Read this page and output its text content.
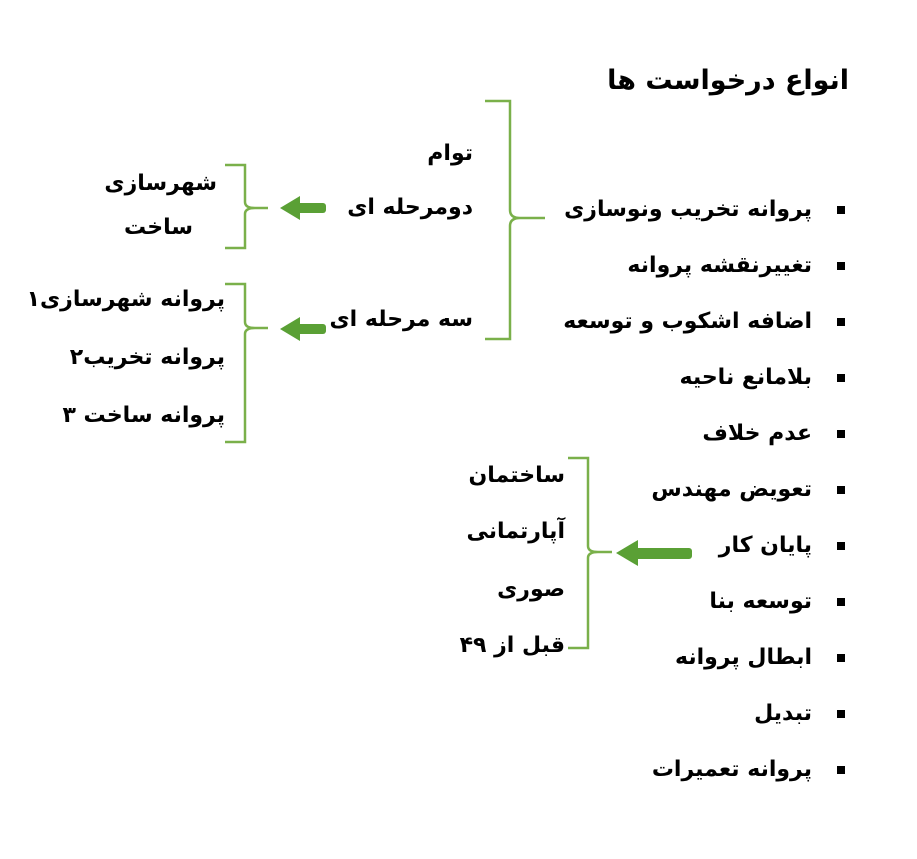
انواع درخواست ها
پروانه تخریب ونوسازی
تغییرنقشه پروانه
اضافه اشکوب و توسعه
بلامانع ناحیه
عدم خلاف
تعویض مهندس
پایان کار
توسعه بنا
ابطال پروانه
تبدیل
پروانه تعمیرات
توام
دومرحله ای
سه مرحله ای
شهرسازی
ساخت
پروانه شهرسازی۱
پروانه تخریب۲
پروانه ساخت ۳
ساختمان
آپارتمانی
صوری
قبل از ۴۹
